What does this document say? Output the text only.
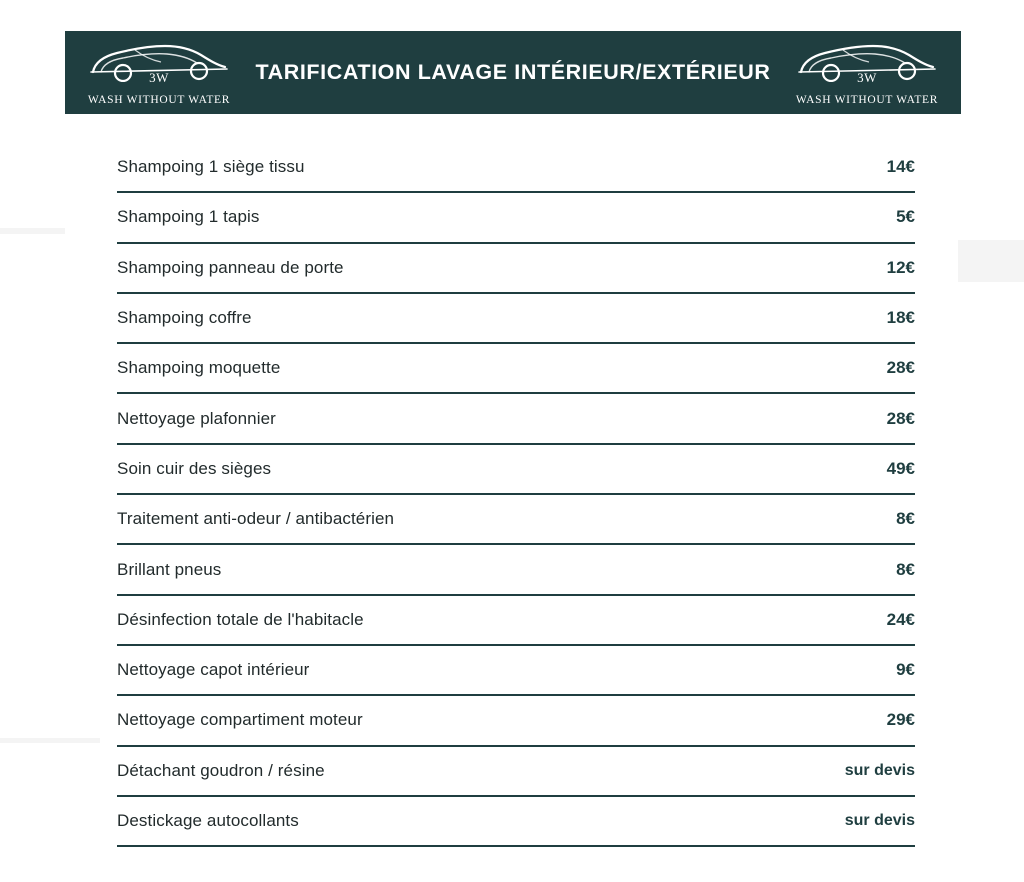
3W
WASH WITHOUT WATER
TARIFICATION LAVAGE INTÉRIEUR/EXTÉRIEUR	3W
WASH WITHOUT WATER
Shampoing 1 siège tissu	14€
Shampoing 1 tapis	5€
Shampoing panneau de porte	12€
Shampoing coffre	18€
Shampoing moquette	28€
Nettoyage plafonnier	28€
Soin cuir des sièges	49€
Traitement anti-odeur / antibactérien	8€
Brillant pneus	8€
Désinfection totale de l'habitacle	24€
Nettoyage capot intérieur	9€
Nettoyage compartiment moteur	29€
Détachant goudron / résine	sur devis
Destickage autocollants	sur devis
